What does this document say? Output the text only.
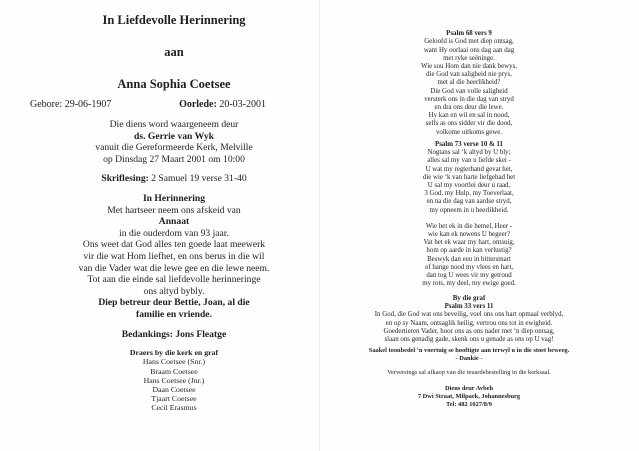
In Liefdevolle Herinnering
aan
Anna Sophia Coetsee
Gebore: 29-06-1907	Oorlede: 20-03-2001
Die diens word waargeneem deur
ds. Gerrie van Wyk
vanuit die Gereformeerde Kerk, Melville
op Dinsdag 27 Maart 2001 om 10:00
Skriflesing: 2 Samuel 19 verse 31-40
In Herinnering
Met hartseer neem ons afskeid van
Annaat
in die ouderdom van 93 jaar.
Ons weet dat God alles ten goede laat meewerk
vir die wat Hom liefhet, en ons berus in die wil
van die Vader wat die lewe gee en die lewe neem.
Tot aan die einde sal liefdevolle herinneringe
ons altyd bybly.
Diep betreur deur Bettie, Joan, al die
familie en vriende.
Bedankings: Jons Fleatge
Draers by die kerk en graf
Hans Coetsee (Snr.)
Braam Coetsee
Hans Coetsee (Jnr.)
Daan Coetsee
Tjaart Coetsee
Cecil Erasmus
Psalm 68 vers 9
Geloofd is God met diep ontsag,
want Hy oorlaai ons dag aan dag
met ryke seëninge.
Wie sou Hom dan nie dank bewys,
die God van saligheid nie prys,
met al die heerlikheid?
Die God van volle saligheid
versterk ons in die dag van stryd
en dra ons deur die lewe.
Hy kan en wil en sal in nood,
selfs as ons sidder vir die dood,
volkome uitkoms gewe.
Psalm 73 verse 10 & 11
Nogtans sal ‘k altyd by U bly;
alles sal my van u liefde skei -
U wat my regterhand gevat het,
die wie ‘k van harte liefgehad het
U sal my voortlei deur u raad,
3 God, my Hulp, my Toeverlaat,
en na die dag van aardse stryd,
my opneem in u heerlikheid.
Wie het ek in die hemel, Heer -
wie kan ek newens U begeer?
Vat het ek waar my hart, ontsuig,
hom op aarde in kan verlustig?
Beswyk dan eeu in bittersmart
of hange nood my vlees en hart,
dan tog U wees vir my getroud
my rots, my deel, my ewige goed.
By die graf
Psalm 33 vers 11
In God, die God wat ons beveilig, voel ons ons hart opmaal verblyd,
en op sy Naam, ontsaglik heilig, vertrou ons tot in ewigheid.
Goedertieren Vader, hoor ons as ons nader met ‘n diep ontsag,
slaan ons genadig gade, skenk ons u genade as ons op U vag!
Saakel toonbedel ‘n voertuig se hooftigte aan terwyl u in die stoet beweeg.
- Dankie -
Verversings sal afkaop van die teuardebestelling in die kerksaal.
Diens deur Avbeh
7 Dwi Straat, Milpark, Johannesburg
Tel: 482 1027/8/9
